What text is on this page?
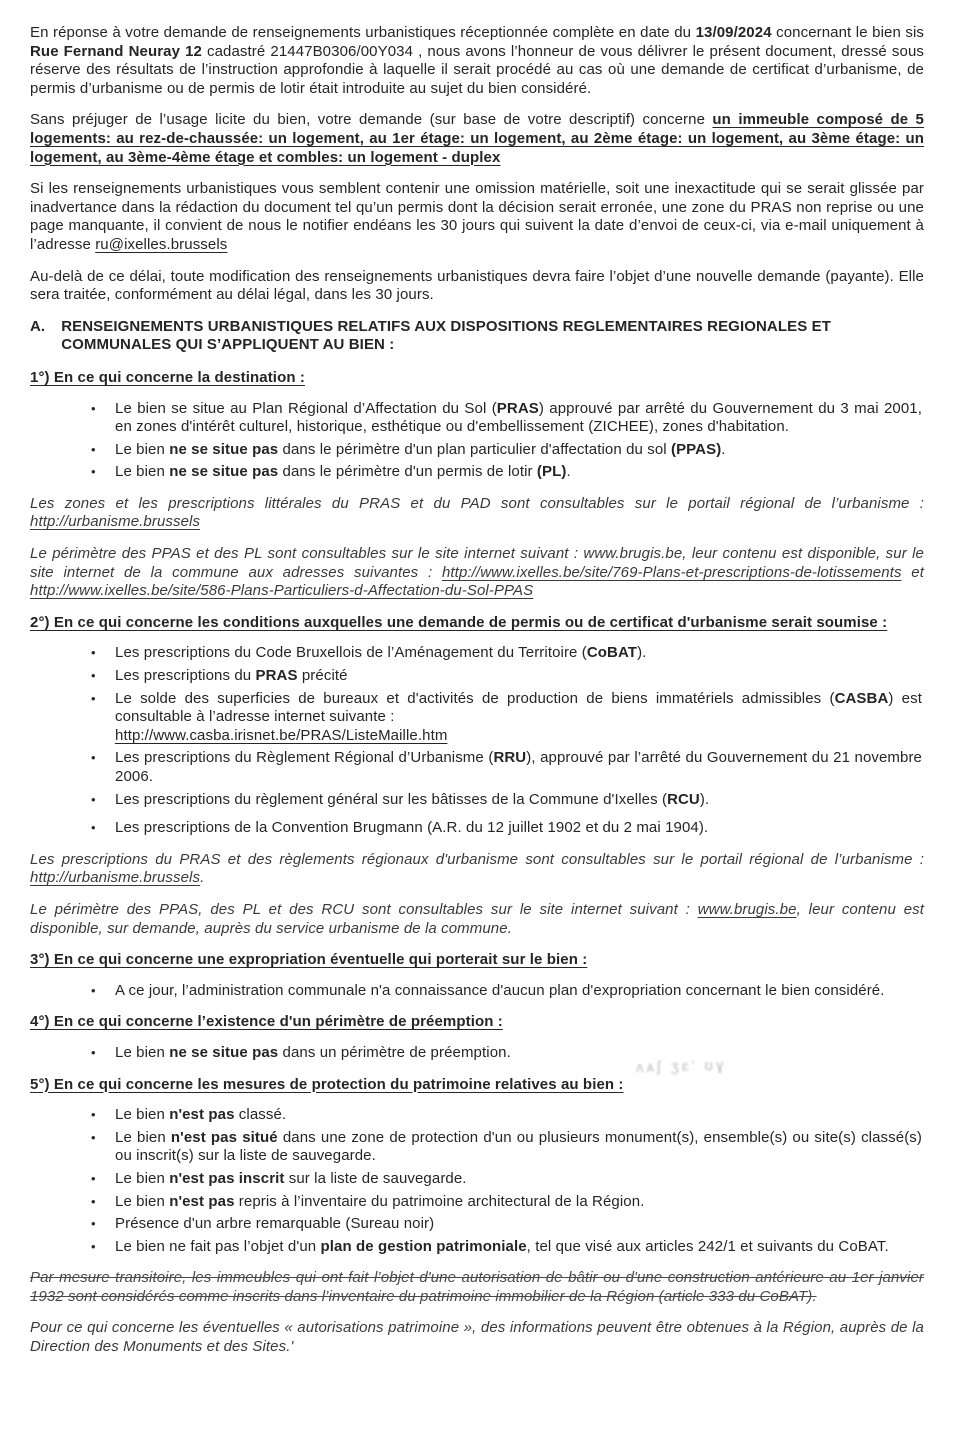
En réponse à votre demande de renseignements urbanistiques réceptionnée complète en date du 13/09/2024 concernant le bien sis Rue Fernand Neuray 12 cadastré 21447B0306/00Y034 , nous avons l’honneur de vous délivrer le présent document, dressé sous réserve des résultats de l’instruction approfondie à laquelle il serait procédé au cas où une demande de certificat d’urbanisme, de permis d’urbanisme ou de permis de lotir était introduite au sujet du bien considéré.

Sans préjuger de l’usage licite du bien, votre demande (sur base de votre descriptif) concerne un immeuble composé de 5 logements: au rez-de-chaussée: un logement, au 1er étage: un logement, au 2ème étage: un logement, au 3ème étage: un logement, au 3ème-4ème étage et combles: un logement - duplex

Si les renseignements urbanistiques vous semblent contenir une omission matérielle, soit une inexactitude qui se serait glissée par inadvertance dans la rédaction du document tel qu’un permis dont la décision serait erronée, une zone du PRAS non reprise ou une page manquante, il convient de nous le notifier endéans les 30 jours qui suivent la date d’envoi de ceux-ci, via e-mail uniquement à l’adresse ru@ixelles.brussels

Au-delà de ce délai, toute modification des renseignements urbanistiques devra faire l’objet d’une nouvelle demande (payante). Elle sera traitée, conformément au délai légal, dans les 30 jours.

A. RENSEIGNEMENTS URBANISTIQUES RELATIFS AUX DISPOSITIONS REGLEMENTAIRES REGIONALES ET COMMUNALES QUI S’APPLIQUENT AU BIEN :

1°) En ce qui concerne la destination :

• Le bien se situe au Plan Régional d’Affectation du Sol (PRAS) approuvé par arrêté du Gouvernement du 3 mai 2001, en zones d'intérêt culturel, historique, esthétique ou d'embellissement (ZICHEE), zones d'habitation.
• Le bien ne se situe pas dans le périmètre d'un plan particulier d'affectation du sol (PPAS).
• Le bien ne se situe pas dans le périmètre d'un permis de lotir (PL).

Les zones et les prescriptions littérales du PRAS et du PAD sont consultables sur le portail régional de l’urbanisme : http://urbanisme.brussels

Le périmètre des PPAS et des PL sont consultables sur le site internet suivant : www.brugis.be, leur contenu est disponible, sur le site internet de la commune aux adresses suivantes : http://www.ixelles.be/site/769-Plans-et-prescriptions-de-lotissements et http://www.ixelles.be/site/586-Plans-Particuliers-d-Affectation-du-Sol-PPAS

2°) En ce qui concerne les conditions auxquelles une demande de permis ou de certificat d'urbanisme serait soumise :

• Les prescriptions du Code Bruxellois de l’Aménagement du Territoire (CoBAT).
• Les prescriptions du PRAS précité
• Le solde des superficies de bureaux et d'activités de production de biens immatériels admissibles (CASBA) est consultable à l’adresse internet suivante :
http://www.casba.irisnet.be/PRAS/ListeMaille.htm
• Les prescriptions du Règlement Régional d’Urbanisme (RRU), approuvé par l’arrêté du Gouvernement du 21 novembre 2006.
• Les prescriptions du règlement général sur les bâtisses de la Commune d'Ixelles (RCU).
• Les prescriptions de la Convention Brugmann (A.R. du 12 juillet 1902 et du 2 mai 1904).

Les prescriptions du PRAS et des règlements régionaux d'urbanisme sont consultables sur le portail régional de l’urbanisme : http://urbanisme.brussels.

Le périmètre des PPAS, des PL et des RCU sont consultables sur le site internet suivant : www.brugis.be, leur contenu est disponible, sur demande, auprès du service urbanisme de la commune.

3°) En ce qui concerne une expropriation éventuelle qui porterait sur le bien :

• A ce jour, l’administration communale n'a connaissance d'aucun plan d'expropriation concernant le bien considéré.

4°) En ce qui concerne l’existence d'un périmètre de préemption :

ʌᴀʃ ʒɛ' ʊɣ
• Le bien ne se situe pas dans un périmètre de préemption.

5°) En ce qui concerne les mesures de protection du patrimoine relatives au bien :

• Le bien n'est pas classé.
• Le bien n'est pas situé dans une zone de protection d'un ou plusieurs monument(s), ensemble(s) ou site(s) classé(s) ou inscrit(s) sur la liste de sauvegarde.
• Le bien n'est pas inscrit sur la liste de sauvegarde.
• Le bien n'est pas repris à l’inventaire du patrimoine architectural de la Région.
• Présence d'un arbre remarquable (Sureau noir)
• Le bien ne fait pas l’objet d'un plan de gestion patrimoniale, tel que visé aux articles 242/1 et suivants du CoBAT.

Par mesure transitoire, les immeubles qui ont fait l’objet d'une autorisation de bâtir ou d'une construction antérieure au 1er janvier 1932 sont considérés comme inscrits dans l’inventaire du patrimoine immobilier de la Région (article 333 du CoBAT).

Pour ce qui concerne les éventuelles « autorisations patrimoine », des informations peuvent être obtenues à la Région, auprès de la Direction des Monuments et des Sites.'
